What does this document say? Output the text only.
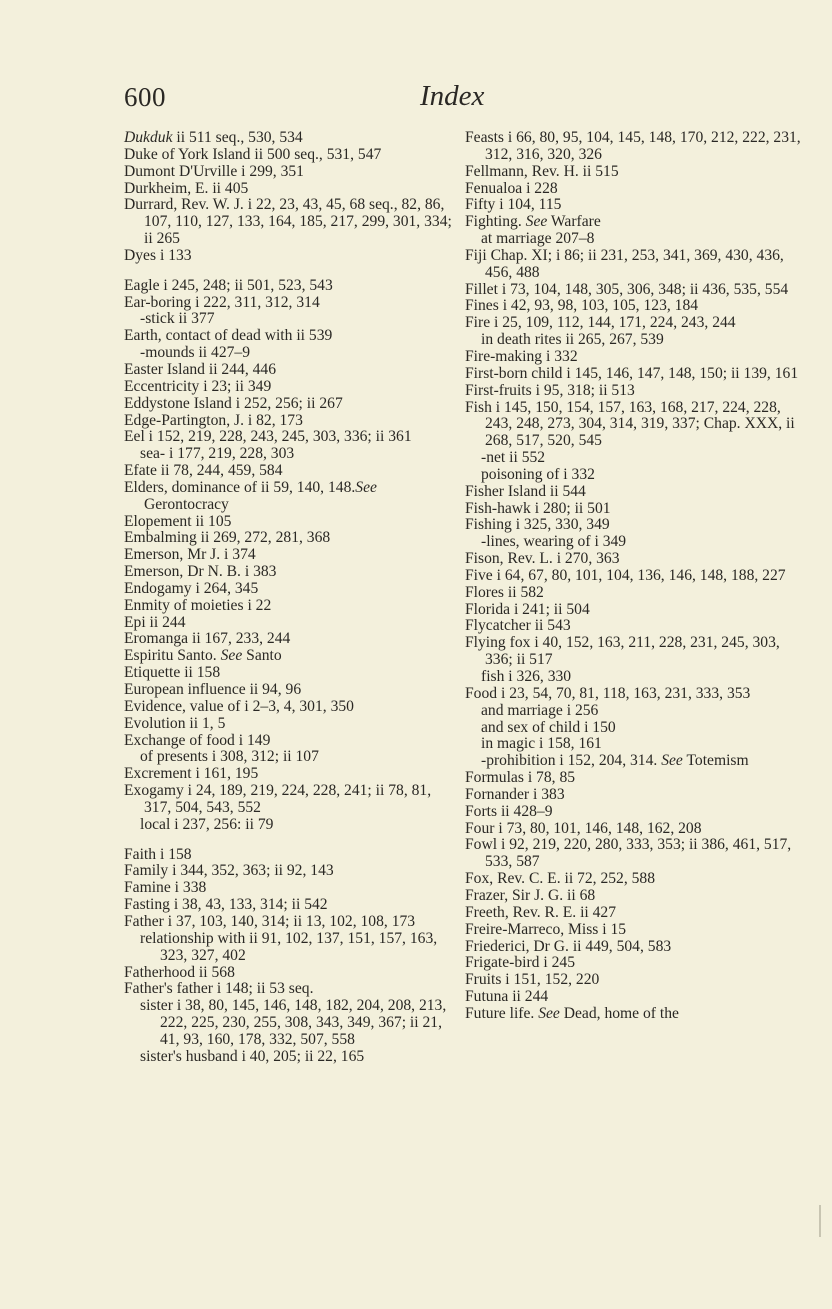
600	Index
Dukduk ii 511 seq., 530, 534
Duke of York Island ii 500 seq., 531, 547
Dumont D'Urville i 299, 351
Durkheim, E. ii 405
Durrard, Rev. W. J. i 22, 23, 43, 45, 68 seq., 82, 86, 107, 110, 127, 133, 164, 185, 217, 299, 301, 334; ii 265
Dyes i 133
Eagle i 245, 248; ii 501, 523, 543
Ear-boring i 222, 311, 312, 314
-stick ii 377
Earth, contact of dead with ii 539
-mounds ii 427–9
Easter Island ii 244, 446
Eccentricity i 23; ii 349
Eddystone Island i 252, 256; ii 267
Edge-Partington, J. i 82, 173
Eel i 152, 219, 228, 243, 245, 303, 336; ii 361
sea- i 177, 219, 228, 303
Efate ii 78, 244, 459, 584
Elders, dominance of ii 59, 140, 148.See Gerontocracy
Elopement ii 105
Embalming ii 269, 272, 281, 368
Emerson, Mr J. i 374
Emerson, Dr N. B. i 383
Endogamy i 264, 345
Enmity of moieties i 22
Epi ii 244
Eromanga ii 167, 233, 244
Espiritu Santo. See Santo
Etiquette ii 158
European influence ii 94, 96
Evidence, value of i 2–3, 4, 301, 350
Evolution ii 1, 5
Exchange of food i 149
of presents i 308, 312; ii 107
Excrement i 161, 195
Exogamy i 24, 189, 219, 224, 228, 241; ii 78, 81, 317, 504, 543, 552
local i 237, 256: ii 79
Faith i 158
Family i 344, 352, 363; ii 92, 143
Famine i 338
Fasting i 38, 43, 133, 314; ii 542
Father i 37, 103, 140, 314; ii 13, 102, 108, 173
relationship with ii 91, 102, 137, 151, 157, 163, 323, 327, 402
Fatherhood ii 568
Father's father i 148; ii 53 seq.
sister i 38, 80, 145, 146, 148, 182, 204, 208, 213, 222, 225, 230, 255, 308, 343, 349, 367; ii 21, 41, 93, 160, 178, 332, 507, 558
sister's husband i 40, 205; ii 22, 165
Feasts i 66, 80, 95, 104, 145, 148, 170, 212, 222, 231, 312, 316, 320, 326
Fellmann, Rev. H. ii 515
Fenualoa i 228
Fifty i 104, 115
Fighting. See Warfare
at marriage 207–8
Fiji Chap. XI; i 86; ii 231, 253, 341, 369, 430, 436, 456, 488
Fillet i 73, 104, 148, 305, 306, 348; ii 436, 535, 554
Fines i 42, 93, 98, 103, 105, 123, 184
Fire i 25, 109, 112, 144, 171, 224, 243, 244
in death rites ii 265, 267, 539
Fire-making i 332
First-born child i 145, 146, 147, 148, 150; ii 139, 161
First-fruits i 95, 318; ii 513
Fish i 145, 150, 154, 157, 163, 168, 217, 224, 228, 243, 248, 273, 304, 314, 319, 337; Chap. XXX, ii 268, 517, 520, 545
-net ii 552
poisoning of i 332
Fisher Island ii 544
Fish-hawk i 280; ii 501
Fishing i 325, 330, 349
-lines, wearing of i 349
Fison, Rev. L. i 270, 363
Five i 64, 67, 80, 101, 104, 136, 146, 148, 188, 227
Flores ii 582
Florida i 241; ii 504
Flycatcher ii 543
Flying fox i 40, 152, 163, 211, 228, 231, 245, 303, 336; ii 517
fish i 326, 330
Food i 23, 54, 70, 81, 118, 163, 231, 333, 353
and marriage i 256
and sex of child i 150
in magic i 158, 161
-prohibition i 152, 204, 314. See Totemism
Formulas i 78, 85
Fornander i 383
Forts ii 428–9
Four i 73, 80, 101, 146, 148, 162, 208
Fowl i 92, 219, 220, 280, 333, 353; ii 386, 461, 517, 533, 587
Fox, Rev. C. E. ii 72, 252, 588
Frazer, Sir J. G. ii 68
Freeth, Rev. R. E. ii 427
Freire-Marreco, Miss i 15
Friederici, Dr G. ii 449, 504, 583
Frigate-bird i 245
Fruits i 151, 152, 220
Futuna ii 244
Future life. See Dead, home of the
